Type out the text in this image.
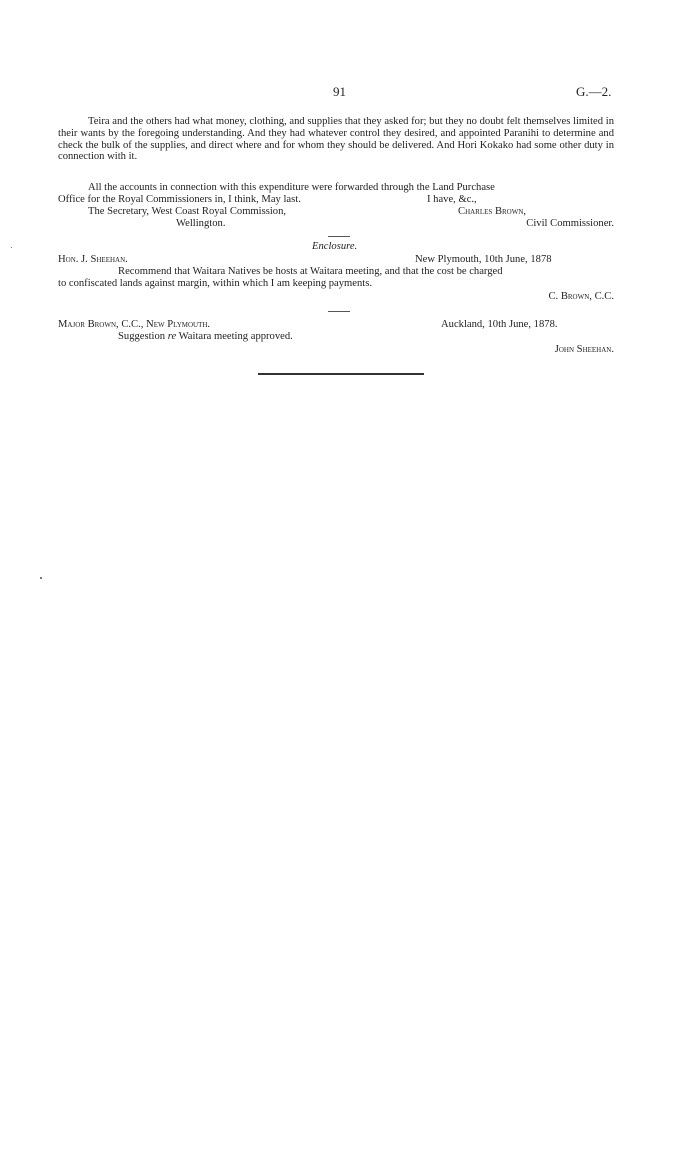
91	G.—2.
Teira and the others had what money, clothing, and supplies that they asked for; but they no doubt felt themselves limited in their wants by the foregoing understanding. And they had whatever control they desired, and appointed Paranihi to determine and check the bulk of the supplies, and direct where and for whom they should be delivered. And Hori Kokako had some other duty in connection with it.
All the accounts in connection with this expenditure were forwarded through the Land Purchase
Office for the Royal Commissioners in, I think, May last.	I have, &c.,
The Secretary, West Coast Royal Commission,	Charles Brown,
Wellington.	Civil Commissioner.
Enclosure.
Hon. J. Sheehan.	New Plymouth, 10th June, 1878
Recommend that Waitara Natives be hosts at Waitara meeting, and that the cost be charged
to confiscated lands against margin, within which I am keeping payments.
C. Brown, C.C.
Major Brown, C.C., New Plymouth.	Auckland, 10th June, 1878.
Suggestion re Waitara meeting approved.
John Sheehan.
